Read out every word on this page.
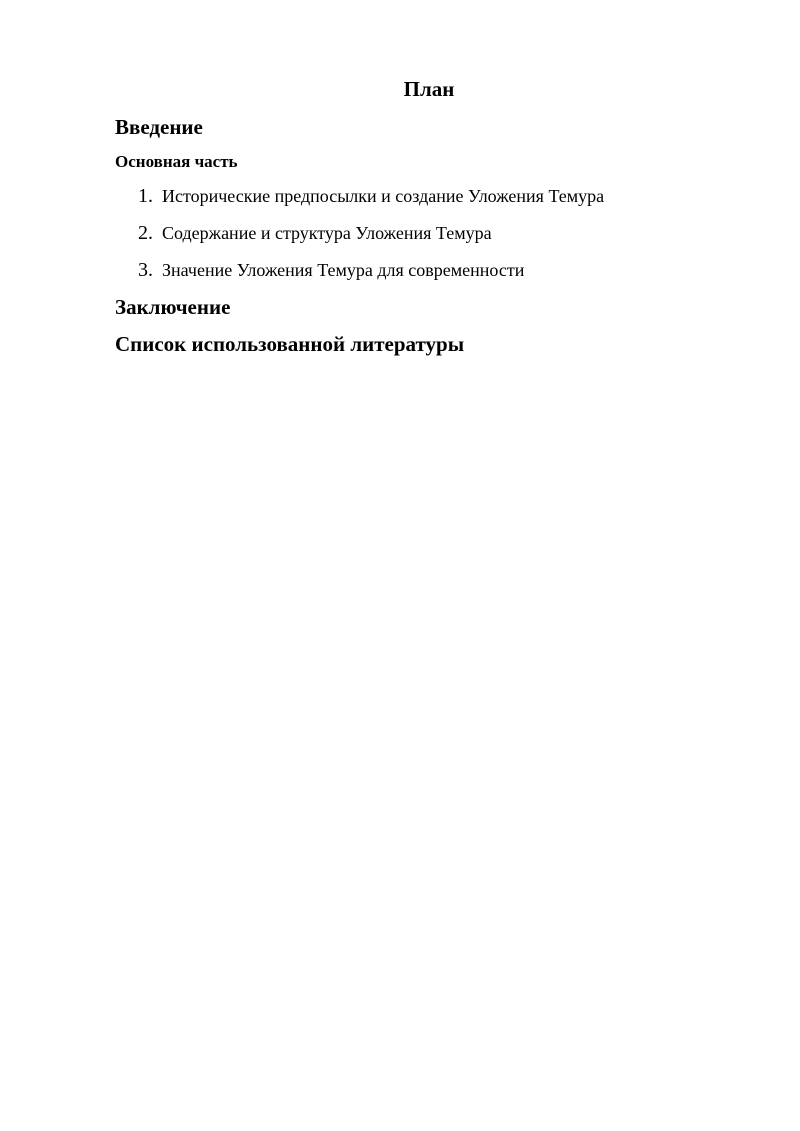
План
Введение
Основная часть
1. Исторические предпосылки и создание Уложения Темура
2. Содержание и структура Уложения Темура
3. Значение Уложения Темура для современности
Заключение
Список использованной литературы
